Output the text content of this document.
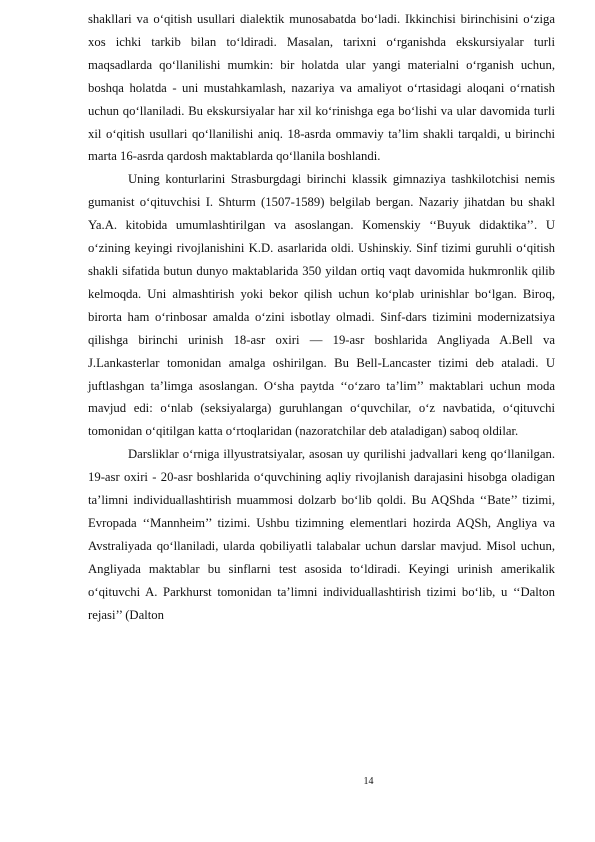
shakllari va o‘qitish usullari dialektik munosabatda bo‘ladi. Ikkinchisi birinchisini o‘ziga xos ichki tarkib bilan to‘ldiradi. Masalan, tarixni o‘rganishda ekskursiyalar turli maqsadlarda qo‘llanilishi mumkin: bir holatda ular yangi materialni o‘rganish uchun, boshqa holatda - uni mustahkamlash, nazariya va amaliyot o‘rtasidagi aloqani o‘rnatish uchun qo‘llaniladi. Bu ekskursiyalar har xil ko‘rinishga ega bo‘lishi va ular davomida turli xil o‘qitish usullari qo‘llanilishi aniq. 18-asrda ommaviy ta’lim shakli tarqaldi, u birinchi marta 16-asrda qardosh maktablarda qo‘llanila boshlandi.

Uning konturlarini Strasburgdagi birinchi klassik gimnaziya tashkilotchisi nemis gumanist o‘qituvchisi I. Shturm (1507-1589) belgilab bergan. Nazariy jihatdan bu shakl Ya.A. kitobida umumlashtirilgan va asoslangan. Komenskiy ‘‘Buyuk didaktika’’. U o‘zining keyingi rivojlanishini K.D. asarlarida oldi. Ushinskiy. Sinf tizimi guruhli o‘qitish shakli sifatida butun dunyo maktablarida 350 yildan ortiq vaqt davomida hukmronlik qilib kelmoqda. Uni almashtirish yoki bekor qilish uchun ko‘plab urinishlar bo‘lgan. Biroq, birorta ham o‘rinbosar amalda o‘zini isbotlay olmadi. Sinf-dars tizimini modernizatsiya qilishga birinchi urinish 18-asr oxiri — 19-asr boshlarida Angliyada A.Bell va J.Lankasterlar tomonidan amalga oshirilgan. Bu Bell-Lancaster tizimi deb ataladi. U juftlashgan ta’limga asoslangan. O‘sha paytda ‘‘o‘zaro ta’lim’’ maktablari uchun moda mavjud edi: o‘nlab (seksiyalarga) guruhlangan o‘quvchilar, o‘z navbatida, o‘qituvchi tomonidan o‘qitilgan katta o‘rtoqlaridan (nazoratchilar deb ataladigan) saboq oldilar.

Darsliklar o‘rniga illyustratsiyalar, asosan uy qurilishi jadvallari keng qo‘llanilgan. 19-asr oxiri - 20-asr boshlarida o‘quvchining aqliy rivojlanish darajasini hisobga oladigan ta’limni individuallashtirish muammosi dolzarb bo‘lib qoldi. Bu AQShda ‘‘Bate’’ tizimi, Evropada ‘‘Mannheim’’ tizimi. Ushbu tizimning elementlari hozirda AQSh, Angliya va Avstraliyada qo‘llaniladi, ularda qobiliyatli talabalar uchun darslar mavjud. Misol uchun, Angliyada maktablar bu sinflarni test asosida to‘ldiradi. Keyingi urinish amerikalik o‘qituvchi A. Parkhurst tomonidan ta’limni individuallashtirish tizimi bo‘lib, u ‘‘Dalton rejasi’’ (Dalton

14
